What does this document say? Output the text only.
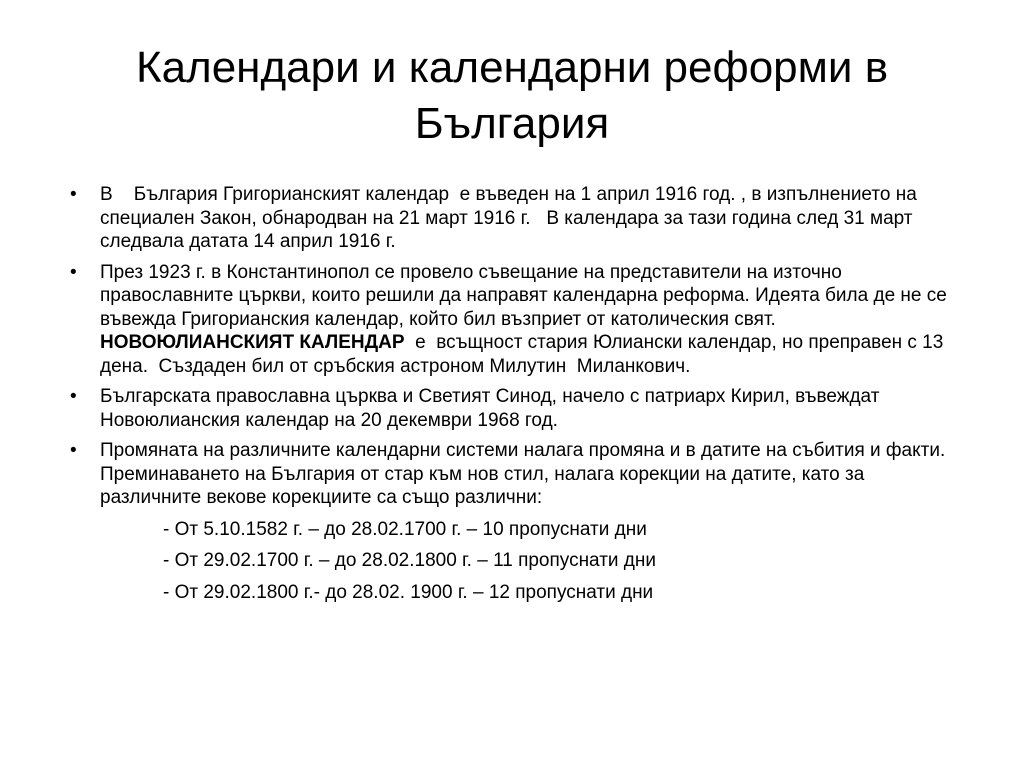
Календари и календарни реформи в България
• В    България Григорианският календар  е въведен на 1 април 1916 год. , в изпълнението на специален Закон, обнародван на 21 март 1916 г.   В календара за тази година след 31 март следвала датата 14 април 1916 г.
• През 1923 г. в Константинопол се провело съвещание на представители на източно православните църкви, които решили да направят календарна реформа. Идеята била де не се въвежда Григорианския календар, който бил възприет от католическия свят. НОВОЮЛИАНСКИЯТ КАЛЕНДАР  е  всъщност стария Юлиански календар, но преправен с 13 дена.  Създаден бил от сръбския астроном Милутин  Миланкович.
• Българската православна църква и Светият Синод, начело с патриарх Кирил, въвеждат Новоюлианския календар на 20 декември 1968 год.
• Промяната на различните календарни системи налага промяна и в датите на събития и факти. Преминаването на България от стар към нов стил, налага корекции на датите, като за различните векове корекциите са също различни:
- От 5.10.1582 г. – до 28.02.1700 г. – 10 пропуснати дни
- От 29.02.1700 г. – до 28.02.1800 г. – 11 пропуснати дни
- От 29.02.1800 г.- до 28.02. 1900 г. – 12 пропуснати дни
